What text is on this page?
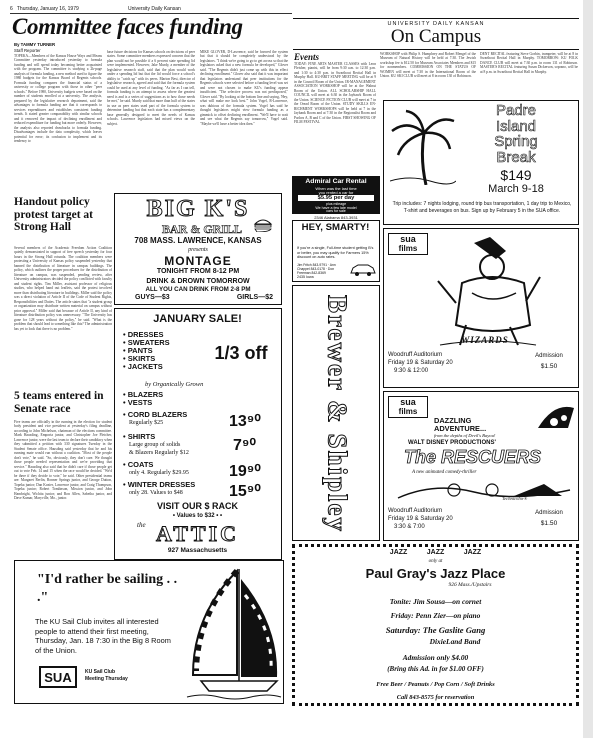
6 Thursday, January 16, 1979	University Daily Kansan
Committee faces funding
By TAMMY TURNER
Staff Reporter
TOPEKA—Members of the Kansas House Ways and Means Committee yesterday introduced yesterday to formula funding and will spend today becoming better acquainted with the program. The committee is studying a 2k-page analysis of formula funding, a new method used to figure the 1980 budgets for the Kansas Board of Regents schools. Formula funding compares the financial status of a university or college program with those in other "peer schools." Before 1980, University budgets were based on the number of students enrolled at a university. The analysis, prepared by the legislative research department, said the advantages to formula funding are that it corresponds to services expenditures and establishes consistent funding trends. It stated greater comparability with similar schools and it removed the impact of declining enrollment and reduced expenditure for funding but more orderly. However, the analysis also reported drawbacks to formula funding. Disadvantages include the data complexity, which leaves potential for error; its confusion to implement and its tendency to
base future decisions for Kansas schools on decisions of peer states. Some committee members expressed concern that the plan would not be possible if a 6 percent state spending lid were implemented. However, Jake Murdy, a member of the legislative research staff, said that the plan would work under a spending lid but that the lid would force a school's ability to "catch up" with its peers. Marion Best, director of legislative research, agreed and said that the formula system could be used at any level of funding. "As far as I can tell, formula funding is an attempt to assess where the greatest need is and is a series of suggestions as to how those needs be met," he said. Murdy said that more than half of the states in use as peer states used part of the formula system to determine funding but that each state has a complementary base generally designed to meet the needs of Kansas schools. Lawrence legislators had mixed views on the subject.
MIKE GLOVER, D-Lawrence, said he favored the system but that it should be completely understood by the legislators. "I think we're going to go to get across so that the legislators asked that a new formula be developed," Glover said. "The Regents didn't just come up with this in effect declining enrollment." Glover also said that it was important that legislators understand that peer institutions for the Regents schools were selected before a funding level was set and were not chosen to make KU's funding appear insufficient. "The selective process was not predisposed," Glover said. "By looking at the bottom line and saying, 'Hey, what will make me look best.'" John Vogel, R-Lawrence, was dubious of the formula system. Vogel has said he thought legislators might view formula funding as a gimmick to offset declining enrollment. "We'll have to wait and see what the Regents say tomorrow," Vogel said. "Maybe we'll have a better idea then."
Handout policy protest target at Strong Hall
Several members of the Academic Freedom Action Coalition quietly demonstrated in support of free speech yesterday for four hours in the Strong Hall rotunda. The coalition members were protesting a University of Kansas policy suspended yesterday that banned the distribution of literature in campus buildings. The policy, which outlines the proper procedures for the distribution of literature on campus, was suspended, pending review, after University administrators decided the policy conflicted with faculty and student rights. Tim Miller, assistant professor of religious studies, who helped hand out leaflets, said the protest involved more than distributing literature in buildings. Miller said the policy was a direct violation of Article II of the Code of Student Rights, Responsibilities and Duties. The article states that "a student group or organization may distribute written material on campus without prior approval." Miller said that because of Article II, any kind of literature distribution policy was unnecessary. "The University has gone for 128 years without the policy," he said. "What is the problem that should lead to something like this? The administration has yet to look that there is no problem."
5 teams entered in Senate race
Five teams are officially in the running in the election for student body president and vice president at yesterday's filing deadline, according to John Michelson, chairman of the elections committee. Mark Hausding, Emporia junior, and Christopher Joe Fletcher, Lawrence junior, were the last team to declare their candidacy when they submitted a petition with 330 signatures Tuesday in the Student Senate office. Hausding said yesterday that he and his running mate would run without a coalition. "Most of the people don't vote," he said. "So, obviously, they don't care. We thought those people needed representation and we're providing that service." Hausding also said that he didn't care if those people get out to vote Feb. 14 and 15 when the race would be decided. "We'd be there if they decide to vote," he said. Other presidential teams are: Margaret Rerlin, Bonner Springs junior, and George Dutton, Topeka junior; Dan Kozier, Lawrence junior, and Craig Thompson, Topeka junior; Robert Tomlinson, Mission junior, and John Hambright, Wichita junior; and Ron Allen, Sabetha junior, and Dave Kumar, Maryville, Mo., junior.
BIG K'S
BAR & GRILL
708 MASS. LAWRENCE, KANSAS
presents
MONTAGE
TONIGHT FROM 8-12 PM
DRINK & DROWN TOMORROW
ALL YOU CAN DRINK FROM 2-8 PM
GUYS—$3	GIRLS—$2
JANUARY SALE!
• DRESSES
• SWEATERS
• PANTS
• SKIRTS
• JACKETS
1/3 off
by Organically Grown
• BLAZERS
• VESTS
• CORD BLAZERS
Regularly $25	13⁹⁰
• SHIRTS
Large group of solids
& Blazers Regularly $12	7⁹⁰
• COATS
only 4. Regularly $29.95	19⁹⁰
• WINTER DRESSES
only 28. Values to $48	15⁹⁰
VISIT OUR $ RACK
• Values to $32 • •
the ATTIC
927 Massachusetts
"I'd rather be sailing . . ."
The KU Sail Club invites all interested people to attend their first meeting, Thursday, Jan. 18 7:30 in the Big 8 Room of the Union.
SUA	KU Sail Club
Meeting Thursday
UNIVERSITY DAILY KANSAN
On Campus
Events
TODAY: FINE ARTS MASTER CLASSES with Leon Fleisher, pianist, will be from 9:30 a.m. to 12:30 p.m. and 1:30 to 4:30 p.m. in Swarthout Recital Hall in Murphy Hall. KU-BRIT STAFF MEETING will be at 9 in the Council Room of the Union. IR-MANAGEMENT ASSOCIATION WORKSHOP will be at the Walnut Room of the Union. ALL SCHOLARSHIP HALL COUNCIL will meet at 6:30 in the Jayhawk Room of the Union. SCIENCE FICTION CLUB will meet at 7 in the Oread Room of the Union. STUDY SKILLS EN-RICHMENT WORKSHOPS will be held at 7 in the Jaybank Room and at 7:30 in the Regionalist Room and Parlors A, B and C of the Union. FIRST SHOWING OF FILM FESTIVAL
WORKSHOP with Philip S. Humphrey and Robert Mengel of the Museum of Natural History will be held at 7:30. The Jewish workshop fee is $12.50 for Museum Associates Members and $15 for nonmembers. COMMISSION ON THE STATUS OF WOMEN will meet at 7:30 in the International Room of the Union. KU SKI CLUB will meet at 8 in room 130 of Robinson.
DENT RECITAL featuring Steve Gorbin, trumpeter, will be at 8 in Swarthout Recital Hall in Murphy. TOMORROW: KU FOLK DANCE CLUB will meet at 7:30 p.m. in room 131 of Robinson. MASTER'S RECITAL featuring Susan Dickerson, soprano, will be at 8 p.m. in Swarthout Recital Hall in Murphy.
Admiral Car Rental
When was the last time
you rented a car for
$5.95 per day
plus mileage
We have a few late model
cars for sale
2346 Alabama 843-3931
HEY, SMARTY!
If you're a single, Full-time student getting B's or better, you may qualify for Farmers 15% discount on auto rates.
Jim Fritch 843-9791 · Ann Chappel 843-0178 · Don Freeman 842-8369
2435 Iowa
Brewer & Shipley
Padre
Island
Spring
Break
$149
March 9-18
Trip includes: 7 nights lodging, round trip bus transportation, 1 day trip to Mexico, T-shirt and beverages on bus. Sign up by February 5 in the SUA office.
sua
films
WIZARDS
Woodruff Auditorium
Friday 19 & Saturday 20
9:30 & 12:00
Admission
$1.50
sua
films
DAZZLING
ADVENTURE...
from the depths of Devil's Bayou!
WALT DISNEY PRODUCTIONS'
The RESCUERS
A new animated comedy-thriller
Technicolor®
Woodruff Auditorium
Friday 19 & Saturday 20
3:30 & 7:00
Admission
$1.50
JAZZ          JAZZ          JAZZ
only at
Paul Gray's Jazz Place
926 Mass./Upstairs
Tonite: Jim Sousa—on cornet
Friday: Penn Zier—on piano
Saturday: The Gaslite Gang
DixieLand Band
Admission only $4.00
(Bring this Ad. in for $1.00 OFF)
Free Beer / Peanuts / Pop Corn / Soft Drinks
Call 843-8575 for reservation
